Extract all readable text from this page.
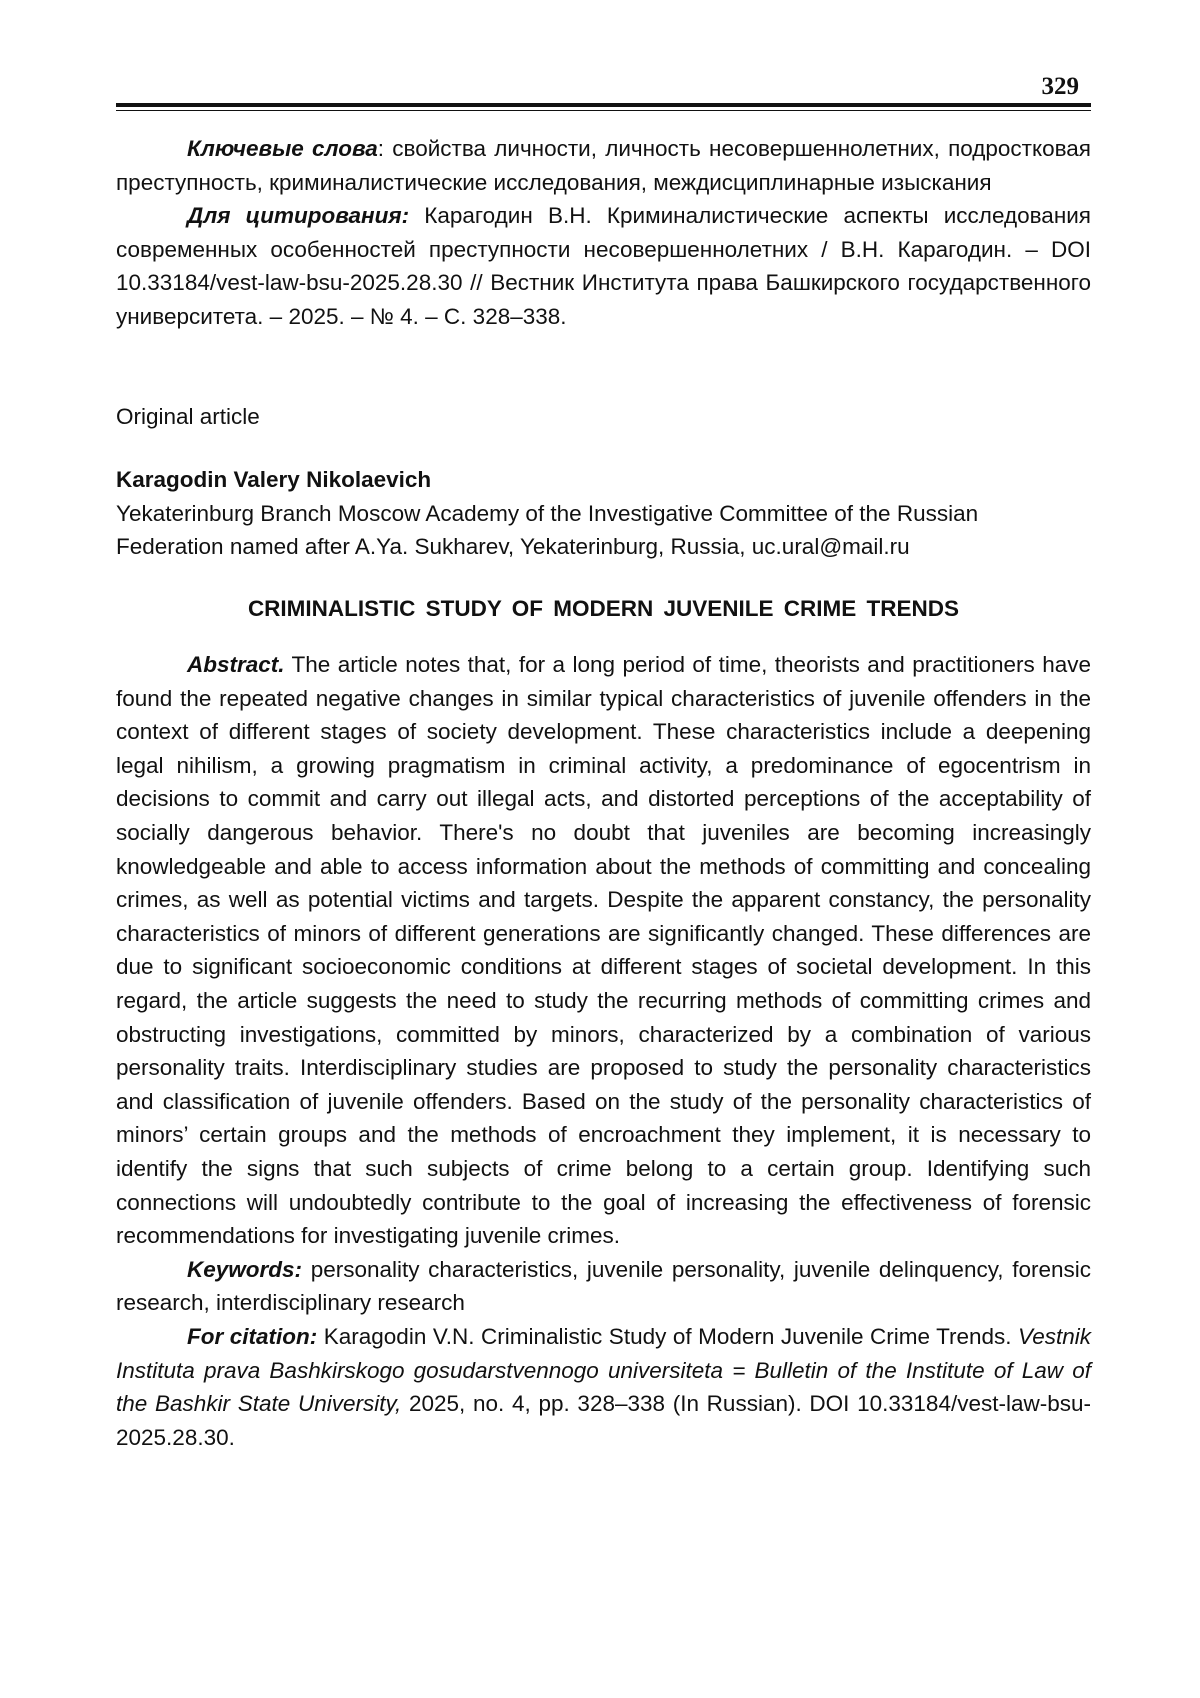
329

Ключевые слова: свойства личности, личность несовершеннолетних, подростковая преступность, криминалистические исследования, междисциплинарные изыскания

Для цитирования: Карагодин В.Н. Криминалистические аспекты исследования современных особенностей преступности несовершеннолетних / В.Н. Карагодин. – DOI 10.33184/vest-law-bsu-2025.28.30 // Вестник Института права Башкирского государственного университета. – 2025. – № 4. – С. 328–338.

Original article

Karagodin Valery Nikolaevich

Yekaterinburg Branch Moscow Academy of the Investigative Committee of the Russian Federation named after A.Ya. Sukharev, Yekaterinburg, Russia, uc.ural@mail.ru

CRIMINALISTIC STUDY OF MODERN JUVENILE CRIME TRENDS

Abstract. The article notes that, for a long period of time, theorists and practitioners have found the repeated negative changes in similar typical characteristics of juvenile offenders in the context of different stages of society development. These characteristics include a deepening legal nihilism, a growing pragmatism in criminal activity, a predominance of egocentrism in decisions to commit and carry out illegal acts, and distorted perceptions of the acceptability of socially dangerous behavior. There's no doubt that juveniles are becoming increasingly knowledgeable and able to access information about the methods of committing and concealing crimes, as well as potential victims and targets. Despite the apparent constancy, the personality characteristics of minors of different generations are significantly changed. These differences are due to significant socioeconomic conditions at different stages of societal development. In this regard, the article suggests the need to study the recurring methods of committing crimes and obstructing investigations, committed by minors, characterized by a combination of various personality traits. Interdisciplinary studies are proposed to study the personality characteristics and classification of juvenile offenders. Based on the study of the personality characteristics of minors’ certain groups and the methods of encroachment they implement, it is necessary to identify the signs that such subjects of crime belong to a certain group. Identifying such connections will undoubtedly contribute to the goal of increasing the effectiveness of forensic recommendations for investigating juvenile crimes.

Keywords: personality characteristics, juvenile personality, juvenile delinquency, forensic research, interdisciplinary research

For citation: Karagodin V.N. Criminalistic Study of Modern Juvenile Crime Trends. Vestnik Instituta prava Bashkirskogo gosudarstvennogo universiteta = Bulletin of the Institute of Law of the Bashkir State University, 2025, no. 4, pp. 328–338 (In Russian). DOI 10.33184/vest-law-bsu-2025.28.30.
